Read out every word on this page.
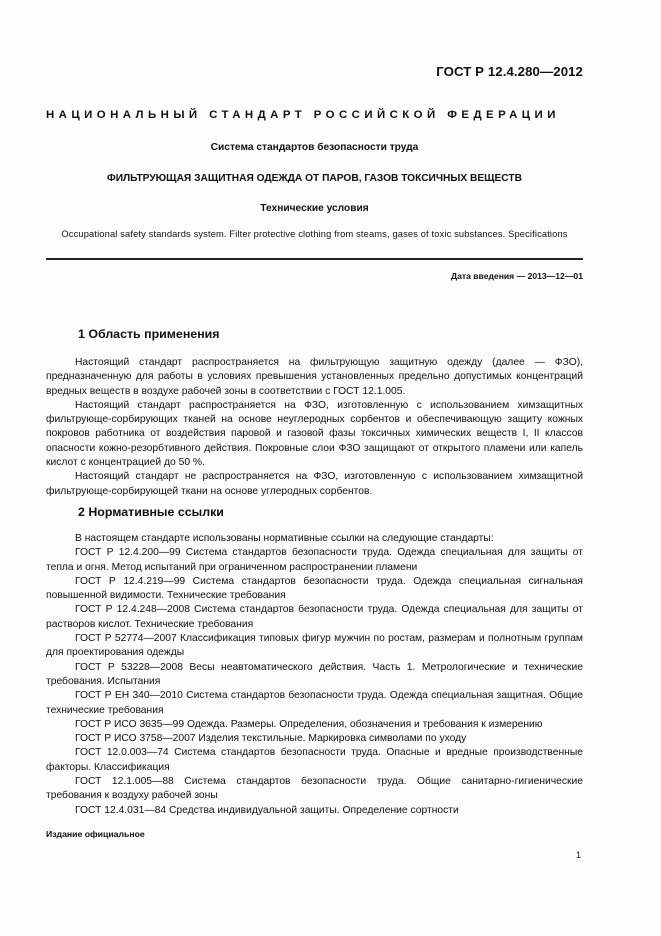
ГОСТ Р 12.4.280—2012
НАЦИОНАЛЬНЫЙ СТАНДАРТ РОССИЙСКОЙ ФЕДЕРАЦИИ
Система стандартов безопасности труда
ФИЛЬТРУЮЩАЯ ЗАЩИТНАЯ ОДЕЖДА ОТ ПАРОВ, ГАЗОВ ТОКСИЧНЫХ ВЕЩЕСТВ
Технические условия
Occupational safety standards system. Filter protective clothing from steams, gases of toxic substances. Specifications
Дата введения — 2013—12—01
1 Область применения

Настоящий стандарт распространяется на фильтрующую защитную одежду (далее — ФЗО), предназначенную для работы в условиях превышения установленных предельно допустимых концентраций вредных веществ в воздухе рабочей зоны в соответствии с ГОСТ 12.1.005.

Настоящий стандарт распространяется на ФЗО, изготовленную с использованием химзащитных фильтрующе-сорбирующих тканей на основе неуглеродных сорбентов и обеспечивающую защиту кожных покровов работника от воздействия паровой и газовой фазы токсичных химических веществ I, II классов опасности кожно-резорбтивного действия. Покровные слои ФЗО защищают от открытого пламени или капель кислот с концентрацией до 50 %.

Настоящий стандарт не распространяется на ФЗО, изготовленную с использованием химзащитной фильтрующе-сорбирующей ткани на основе углеродных сорбентов.

2 Нормативные ссылки

В настоящем стандарте использованы нормативные ссылки на следующие стандарты:

ГОСТ Р 12.4.200—99 Система стандартов безопасности труда. Одежда специальная для защиты от тепла и огня. Метод испытаний при ограниченном распространении пламени

ГОСТ Р 12.4.219—99 Система стандартов безопасности труда. Одежда специальная сигнальная повышенной видимости. Технические требования

ГОСТ Р 12.4.248—2008 Система стандартов безопасности труда. Одежда специальная для защиты от растворов кислот. Технические требования

ГОСТ Р 52774—2007 Классификация типовых фигур мужчин по ростам, размерам и полнотным группам для проектирования одежды

ГОСТ Р 53228—2008 Весы неавтоматического действия. Часть 1. Метрологические и технические требования. Испытания

ГОСТ Р ЕН 340—2010 Система стандартов безопасности труда. Одежда специальная защитная. Общие технические требования

ГОСТ Р ИСО 3635—99 Одежда. Размеры. Определения, обозначения и требования к измерению

ГОСТ Р ИСО 3758—2007 Изделия текстильные. Маркировка символами по уходу

ГОСТ 12.0.003—74 Система стандартов безопасности труда. Опасные и вредные производственные факторы. Классификация

ГОСТ 12.1.005—88 Система стандартов безопасности труда. Общие санитарно-гигиенические требования к воздуху рабочей зоны

ГОСТ 12.4.031—84 Средства индивидуальной защиты. Определение сортности

Издание официальное
1
